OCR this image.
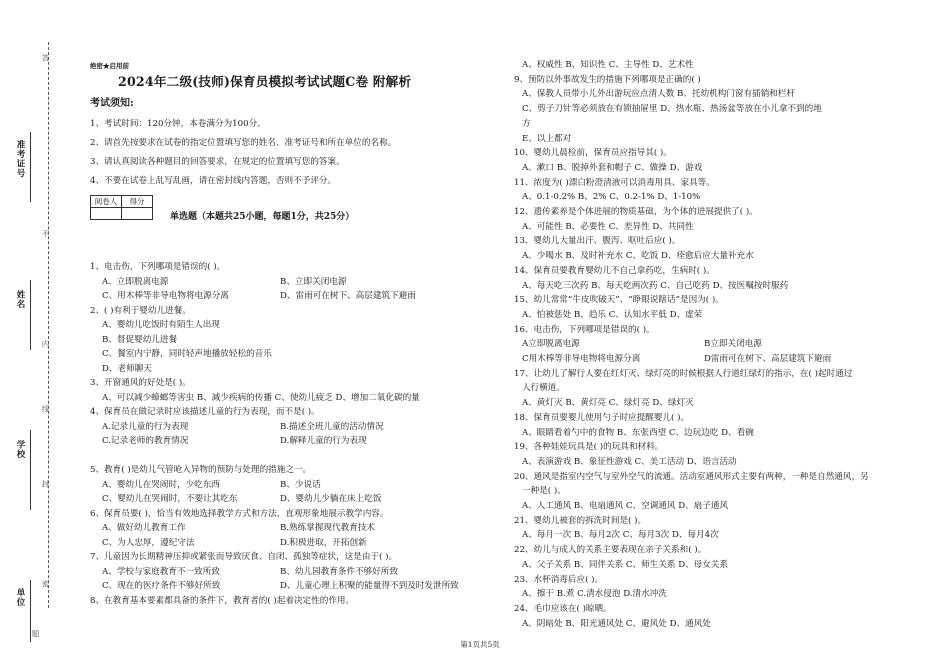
准考证号
姓名
学校
单位
答
不
内
线
封
密
题
绝密★启用前
2024年二级(技师)保育员模拟考试试题C卷 附解析
考试须知:
1、考试时间：120分钟，本卷满分为100分。
2、请首先按要求在试卷的指定位置填写您的姓名、准考证号和所在单位的名称。
3、请认真阅读各种题目的回答要求，在规定的位置填写您的答案。
4、不要在试卷上乱写乱画，请在密封线内答题，否则不予评分。
阅卷人	得分

单选题（本题共25小题，每题1分，共25分）
1、电击伤，下列哪项是错误的( )。
A、立即脱离电源	B、立即关闭电源
C、用木棒等非导电物将电源分离	D、雷雨可在树下、高层建筑下避雨
2、( )有利于婴幼儿进餐。
A、婴幼儿吃饭时有陌生人出现
B、督促婴幼儿进餐
C、餐室内宁静，同时轻声地播放轻松的音乐
D、老师聊天
3、开窗通风的好处是( )。
A、可以减少蟑螂等害虫 B、减少疾病的传播 C、使幼儿疲乏 D、增加二氧化碳的量
4、保育员在做记录时应该描述儿童的行为表现，而不是( )。
A.记录儿童的行为表现	B.描述全班儿童的活动情况
C.记录老师的教育情况	D.解释儿童的行为表现
5、教育( )是幼儿气管呛入异物的预防与处理的措施之一。
A、婴幼儿在哭闹时，少吃东西	B、少说话
C、婴幼儿在哭闹时，不要让其吃东	D、婴幼儿少躺在床上吃饭
6、保育员要( )，恰当有效地选择教学方式和方法，直观形象地展示教学内容。
A、做好幼儿教育工作	B.熟练掌握现代教育技术
C、为人忠厚，遵纪守法	D.积极进取，开拓创新
7、儿童因为长期精神压抑或紧张而导致厌食、自闭、孤独等症状，这是由于( )。
A、学校与家庭教育不一致所致	B、幼儿园教育条件不够好所致
C、现在的医疗条件不够好所致	D、儿童心理上积聚的能量得不到及时发泄所致
8、在教育基本要素都具备的条件下，教育者的( )起着决定性的作用。
A、权威性 B、知识性 C、主导性 D、艺术性
9、预防以外事故发生的措施下列哪项是正确的( )
A、保教人员带小儿外出游玩应点清人数 B、托幼机构门窗有插销和栏杆
C、剪子刀针等必须放在有锁抽屉里 D、热水瓶、热汤盆等放在小儿拿不到的地
方
E、以上都对
10、婴幼儿晨检前，保育员应指导其( )。
A、漱口 B、脱掉外套和帽子 C、做操 D、游戏
11、浓度为( )漂白粉澄清液可以消毒用具、家具等。
A、0.1-0.2% B、2% C、0.2-1% D、1-10%
12、遗传素养是个体进展的物质基础，为个体的进展提供了( )。
A、可能性 B、必要性 C、差异性 D、共同性
13、婴幼儿大量出汗、腹泻、呕吐后应( )。
A、少喝水 B、及时补充水 C、吃饭 D、痊愈后应大量补充水
14、保育员要教育婴幼儿不自己拿药吃，生病时( )。
A、每天吃三次药 B、每天吃两次药 C、自己吃药 D、按医嘱按时服药
15、幼儿常常“牛皮吹破天”、“睁眼说瞎话”是因为( )。
A、怕被惩处 B、趋乐 C、认知水平低 D、虚荣
16、电击伤，下列哪项是错误的( )。
A立即脱离电源	B立即关闭电源
C用木棒等非导电物将电源分离	D雷雨可在树下、高层建筑下避雨
17、让幼儿了解行人要在红灯灭、绿灯亮的时候根据人行道红绿灯的指示，在( )起时通过
人行横道。
A、黄灯灭 B、黄灯亮 C、绿灯亮 D、绿灯灭
18、保育员要婴儿使用勺子时应提醒婴儿( )。
A、眼睛看着勺中的食物 B、东张西望 C、边玩边吃 D、看碗
19、各种娃娃玩具是( )的玩具和材料。
A、表演游戏 B、象征性游戏 C、美工活动 D、语言活动
20、通风是指室内空气与室外空气的流通。活动室通风形式主要有两种，一种是自然通风，另
一种是( )。
A、人工通风 B、电扇通风 C、空调通风 D、扇子通风
21、婴幼儿被套的拆洗时间是( )。
A、每月一次 B、每月2次 C、每月3次 D、每月4次
22、幼儿与成人的关系主要表现在亲子关系和( )。
A、父子关系 B、同伴关系 C、师生关系 D、母女关系
23、水杯消毒后应( )。
A、擦干 B.煮 C.清水侵泡 D.清水冲洗
24、毛巾应该在( )晾晒。
A、阴暗处 B、阳光通风处 C、避风处 D、通风处
第1页共5页
